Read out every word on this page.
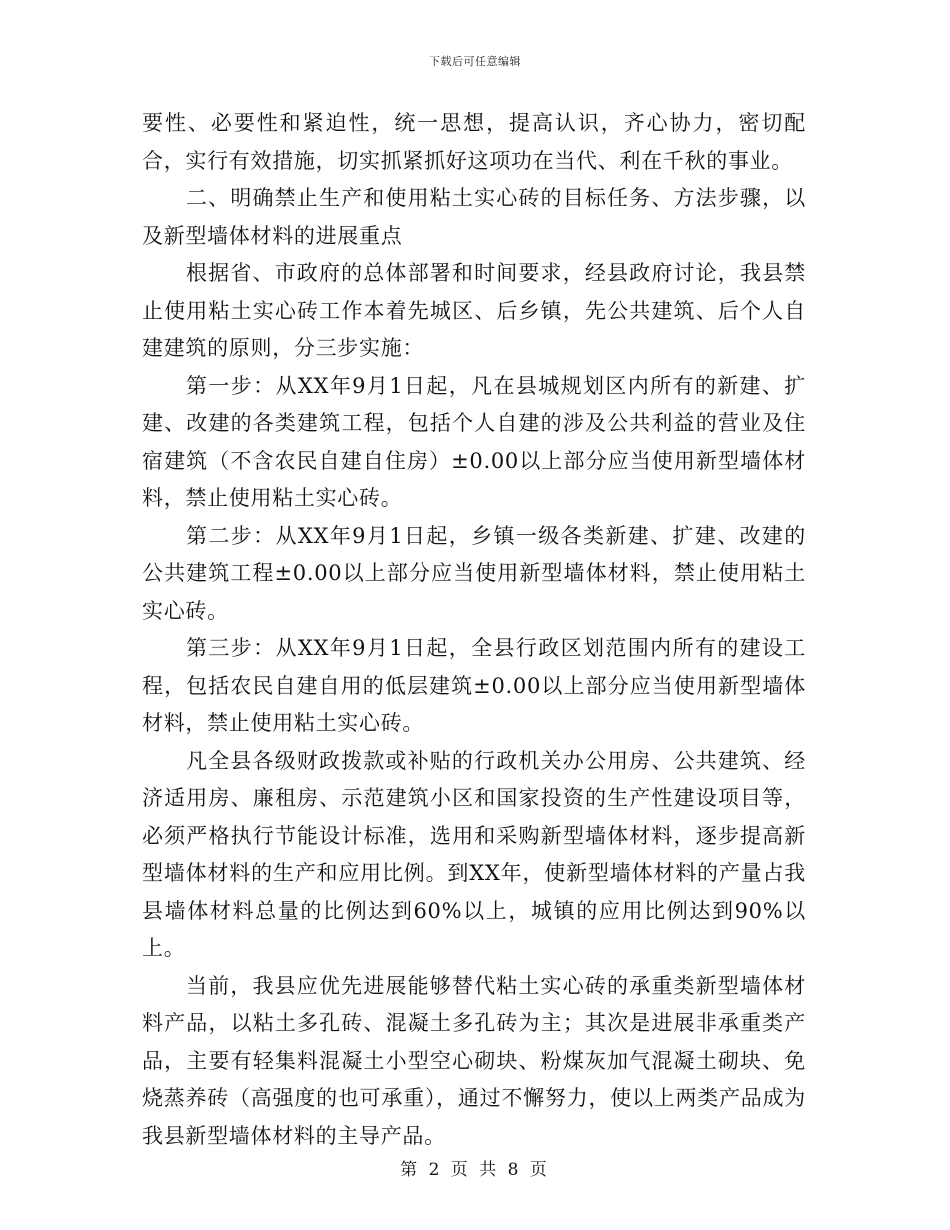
下载后可任意编辑

要性、必要性和紧迫性，统一思想，提高认识，齐心协力，密切配合，实行有效措施，切实抓紧抓好这项功在当代、利在千秋的事业。

二、明确禁止生产和使用粘土实心砖的目标任务、方法步骤，以及新型墙体材料的进展重点

根据省、市政府的总体部署和时间要求，经县政府讨论，我县禁止使用粘土实心砖工作本着先城区、后乡镇，先公共建筑、后个人自建建筑的原则，分三步实施：

第一步：从XX年9月1日起，凡在县城规划区内所有的新建、扩建、改建的各类建筑工程，包括个人自建的涉及公共利益的营业及住宿建筑（不含农民自建自住房）±0.00以上部分应当使用新型墙体材料，禁止使用粘土实心砖。

第二步：从XX年9月1日起，乡镇一级各类新建、扩建、改建的公共建筑工程±0.00以上部分应当使用新型墙体材料，禁止使用粘土实心砖。

第三步：从XX年9月1日起，全县行政区划范围内所有的建设工程，包括农民自建自用的低层建筑±0.00以上部分应当使用新型墙体材料，禁止使用粘土实心砖。

凡全县各级财政拨款或补贴的行政机关办公用房、公共建筑、经济适用房、廉租房、示范建筑小区和国家投资的生产性建设项目等，必须严格执行节能设计标准，选用和采购新型墙体材料，逐步提高新型墙体材料的生产和应用比例。到XX年，使新型墙体材料的产量占我县墙体材料总量的比例达到60%以上，城镇的应用比例达到90%以上。

当前，我县应优先进展能够替代粘土实心砖的承重类新型墙体材料产品，以粘土多孔砖、混凝土多孔砖为主；其次是进展非承重类产品，主要有轻集料混凝土小型空心砌块、粉煤灰加气混凝土砌块、免烧蒸养砖（高强度的也可承重），通过不懈努力，使以上两类产品成为我县新型墙体材料的主导产品。

第 2 页 共 8 页
